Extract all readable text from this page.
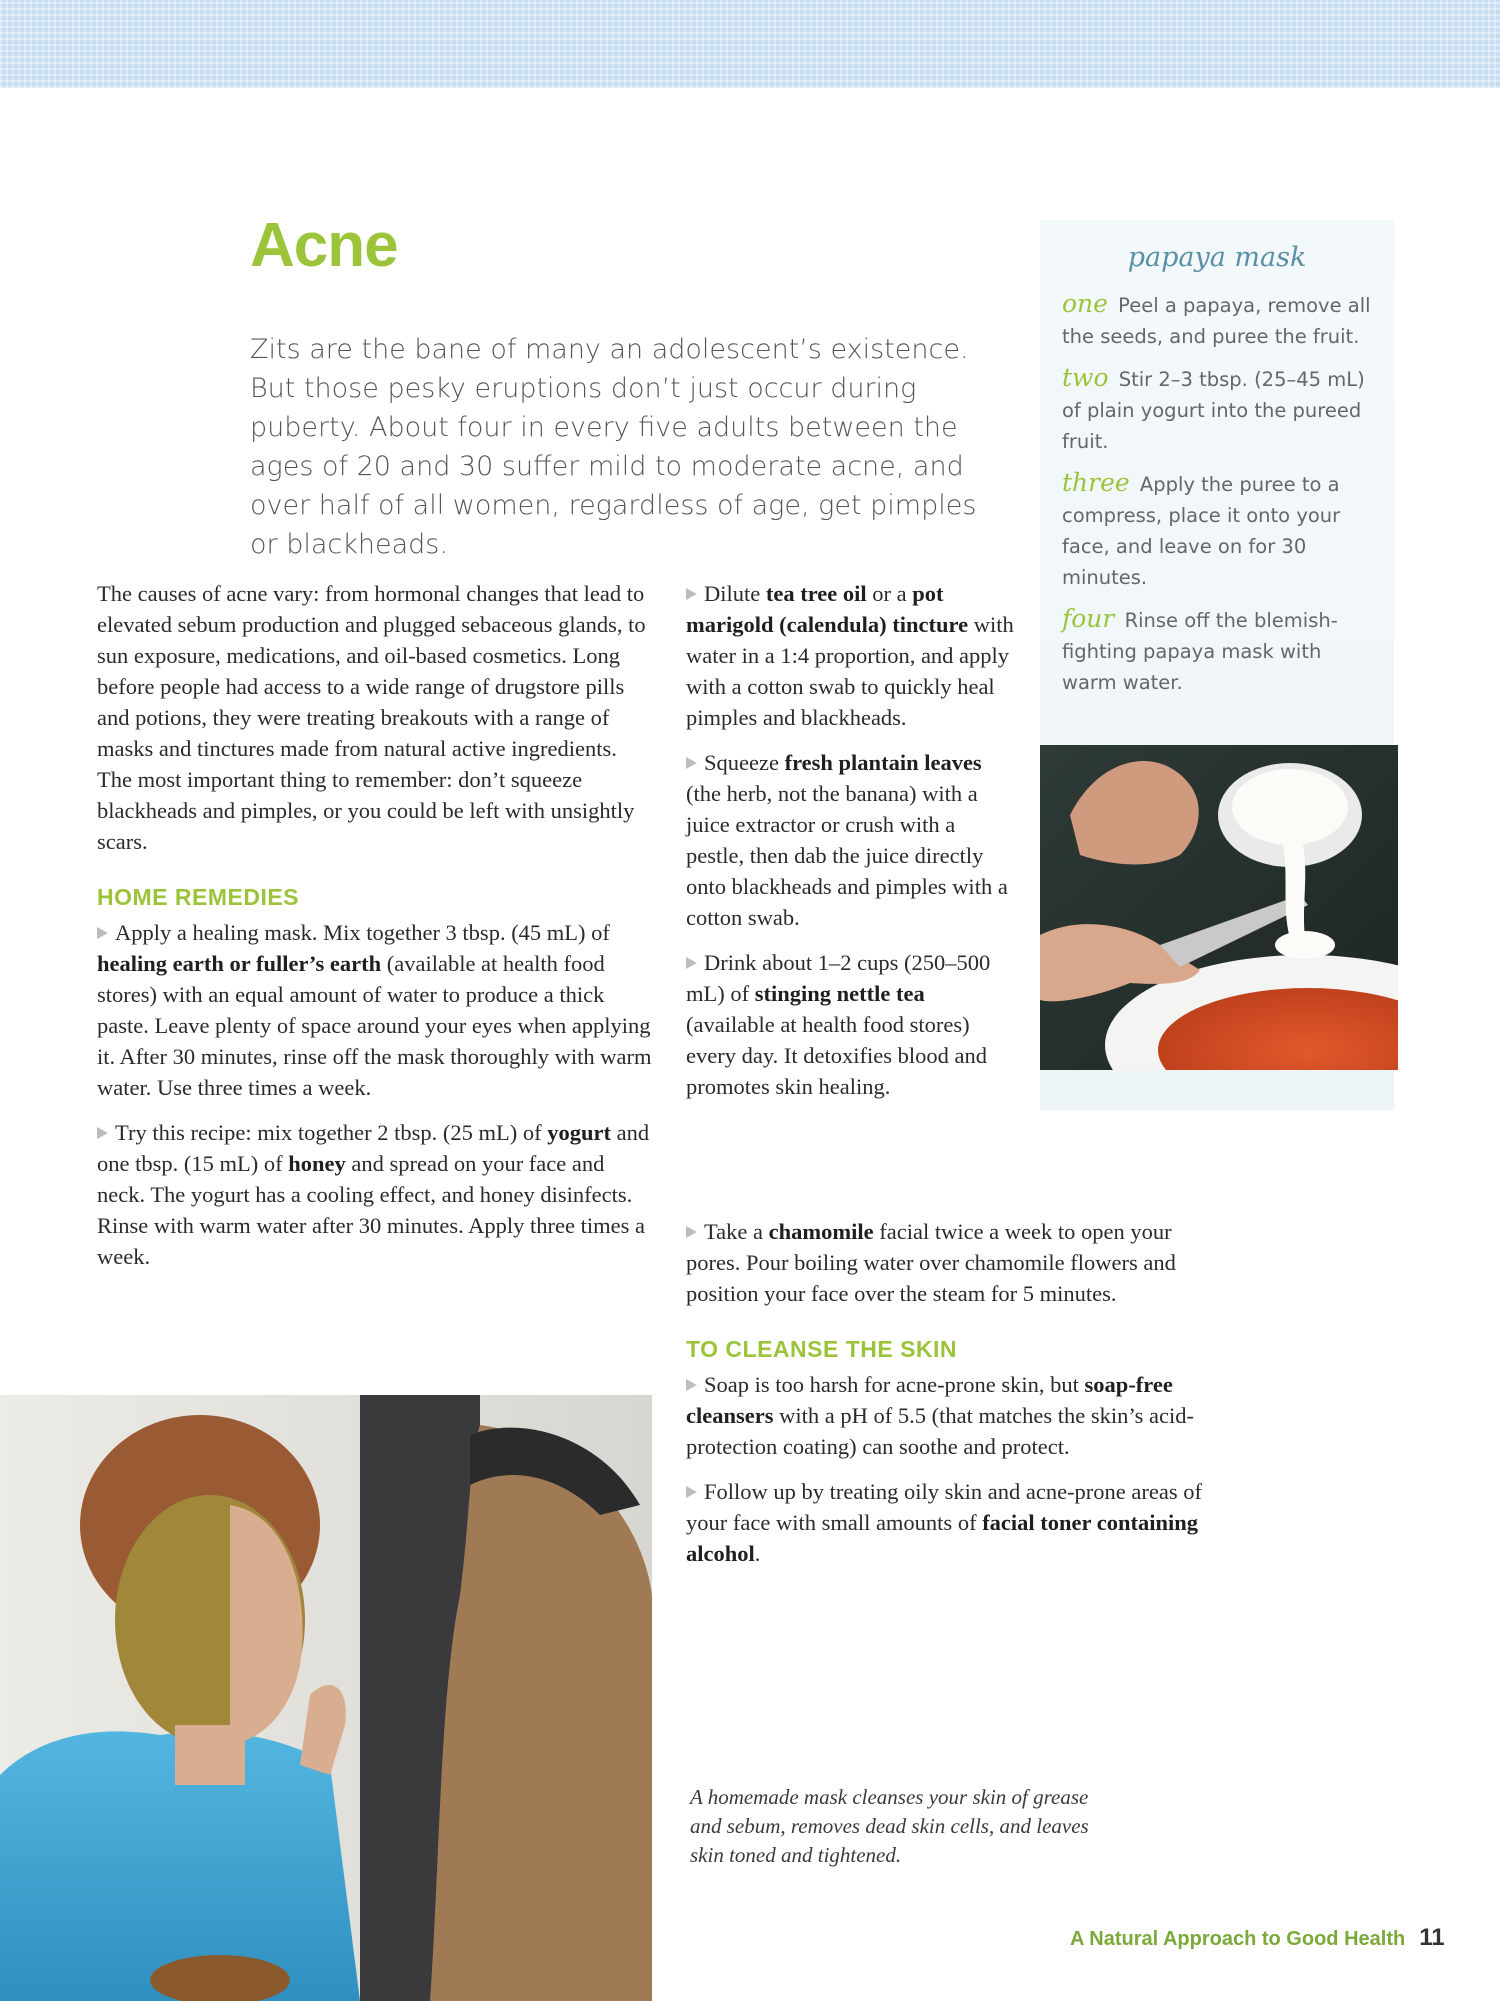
Acne

Zits are the bane of many an adolescent’s existence. But those pesky eruptions don’t just occur during puberty. About four in every five adults between the ages of 20 and 30 suffer mild to moderate acne, and over half of all women, regardless of age, get pimples or blackheads.

The causes of acne vary: from hormonal changes that lead to elevated sebum production and plugged sebaceous glands, to sun exposure, medications, and oil-based cosmetics. Long before people had access to a wide range of drugstore pills and potions, they were treating breakouts with a range of masks and tinctures made from natural active ingredients. The most important thing to remember: don’t squeeze blackheads and pimples, or you could be left with unsightly scars.

HOME REMEDIES

Apply a healing mask. Mix together 3 tbsp. (45 mL) of healing earth or fuller’s earth (available at health food stores) with an equal amount of water to produce a thick paste. Leave plenty of space around your eyes when applying it. After 30 minutes, rinse off the mask thoroughly with warm water. Use three times a week.

Try this recipe: mix together 2 tbsp. (25 mL) of yogurt and one tbsp. (15 mL) of honey and spread on your face and neck. The yogurt has a cooling effect, and honey disinfects. Rinse with warm water after 30 minutes. Apply three times a week.

Dilute tea tree oil or a pot marigold (calendula) tincture with water in a 1:4 proportion, and apply with a cotton swab to quickly heal pimples and blackheads.

Squeeze fresh plantain leaves (the herb, not the banana) with a juice extractor or crush with a pestle, then dab the juice directly onto blackheads and pimples with a cotton swab.

Drink about 1–2 cups (250–500 mL) of stinging nettle tea (available at health food stores) every day. It detoxifies blood and promotes skin healing.

Take a chamomile facial twice a week to open your pores. Pour boiling water over chamomile flowers and position your face over the steam for 5 minutes.

TO CLEANSE THE SKIN

Soap is too harsh for acne-prone skin, but soap-free cleansers with a pH of 5.5 (that matches the skin’s acid-protection coating) can soothe and protect.

Follow up by treating oily skin and acne-prone areas of your face with small amounts of facial toner containing alcohol.

papaya mask

one Peel a papaya, remove all the seeds, and puree the fruit.

two Stir 2–3 tbsp. (25–45 mL) of plain yogurt into the pureed fruit.

three Apply the puree to a compress, place it onto your face, and leave on for 30 minutes.

four Rinse off the blemish-fighting papaya mask with warm water.

A homemade mask cleanses your skin of grease and sebum, removes dead skin cells, and leaves skin toned and tightened.

A Natural Approach to Good Health 11
